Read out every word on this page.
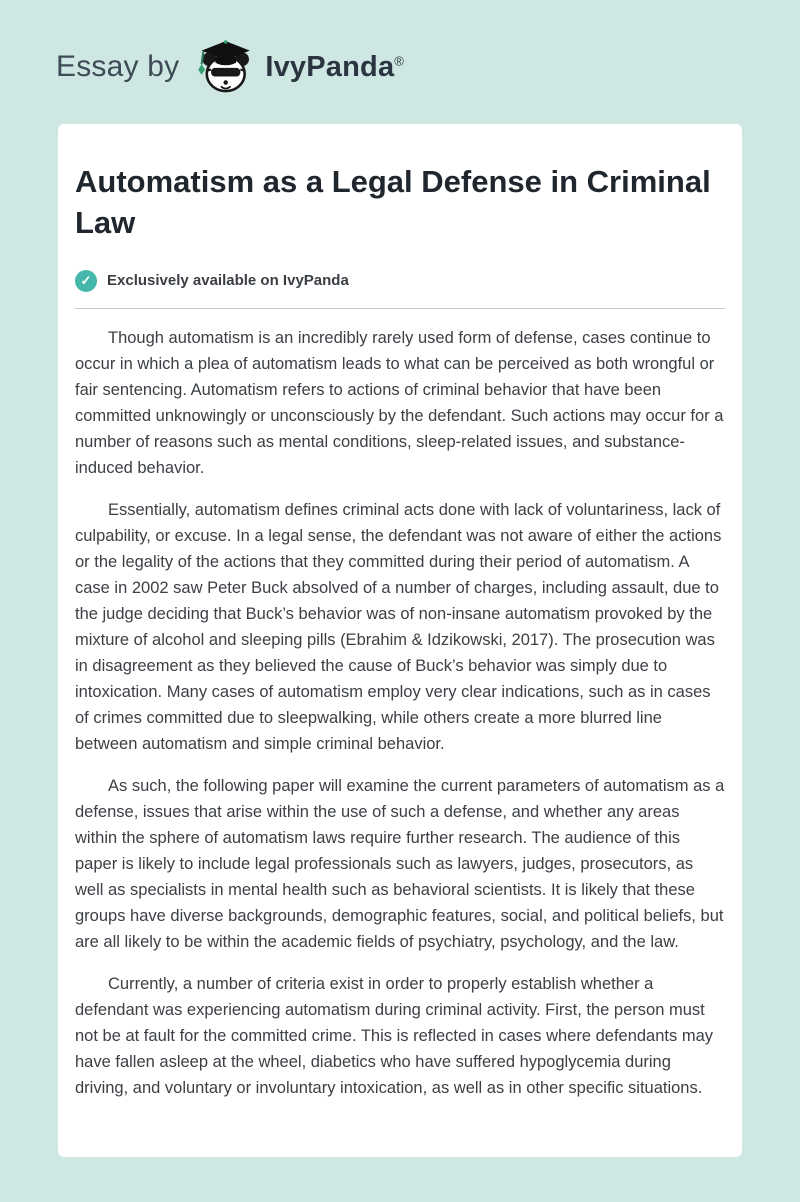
Essay by	IvyPanda®
Automatism as a Legal Defense in Criminal Law
✓	Exclusively available on IvyPanda

Though automatism is an incredibly rarely used form of defense, cases continue to occur in which a plea of automatism leads to what can be perceived as both wrongful or fair sentencing. Automatism refers to actions of criminal behavior that have been committed unknowingly or unconsciously by the defendant. Such actions may occur for a number of reasons such as mental conditions, sleep-related issues, and substance-induced behavior.

Essentially, automatism defines criminal acts done with lack of voluntariness, lack of culpability, or excuse. In a legal sense, the defendant was not aware of either the actions or the legality of the actions that they committed during their period of automatism. A case in 2002 saw Peter Buck absolved of a number of charges, including assault, due to the judge deciding that Buck’s behavior was of non-insane automatism provoked by the mixture of alcohol and sleeping pills (Ebrahim & Idzikowski, 2017). The prosecution was in disagreement as they believed the cause of Buck’s behavior was simply due to intoxication. Many cases of automatism employ very clear indications, such as in cases of crimes committed due to sleepwalking, while others create a more blurred line between automatism and simple criminal behavior.

As such, the following paper will examine the current parameters of automatism as a defense, issues that arise within the use of such a defense, and whether any areas within the sphere of automatism laws require further research. The audience of this paper is likely to include legal professionals such as lawyers, judges, prosecutors, as well as specialists in mental health such as behavioral scientists. It is likely that these groups have diverse backgrounds, demographic features, social, and political beliefs, but are all likely to be within the academic fields of psychiatry, psychology, and the law.

Currently, a number of criteria exist in order to properly establish whether a defendant was experiencing automatism during criminal activity. First, the person must not be at fault for the committed crime. This is reflected in cases where defendants may have fallen asleep at the wheel, diabetics who have suffered hypoglycemia during driving, and voluntary or involuntary intoxication, as well as in other specific situations.
